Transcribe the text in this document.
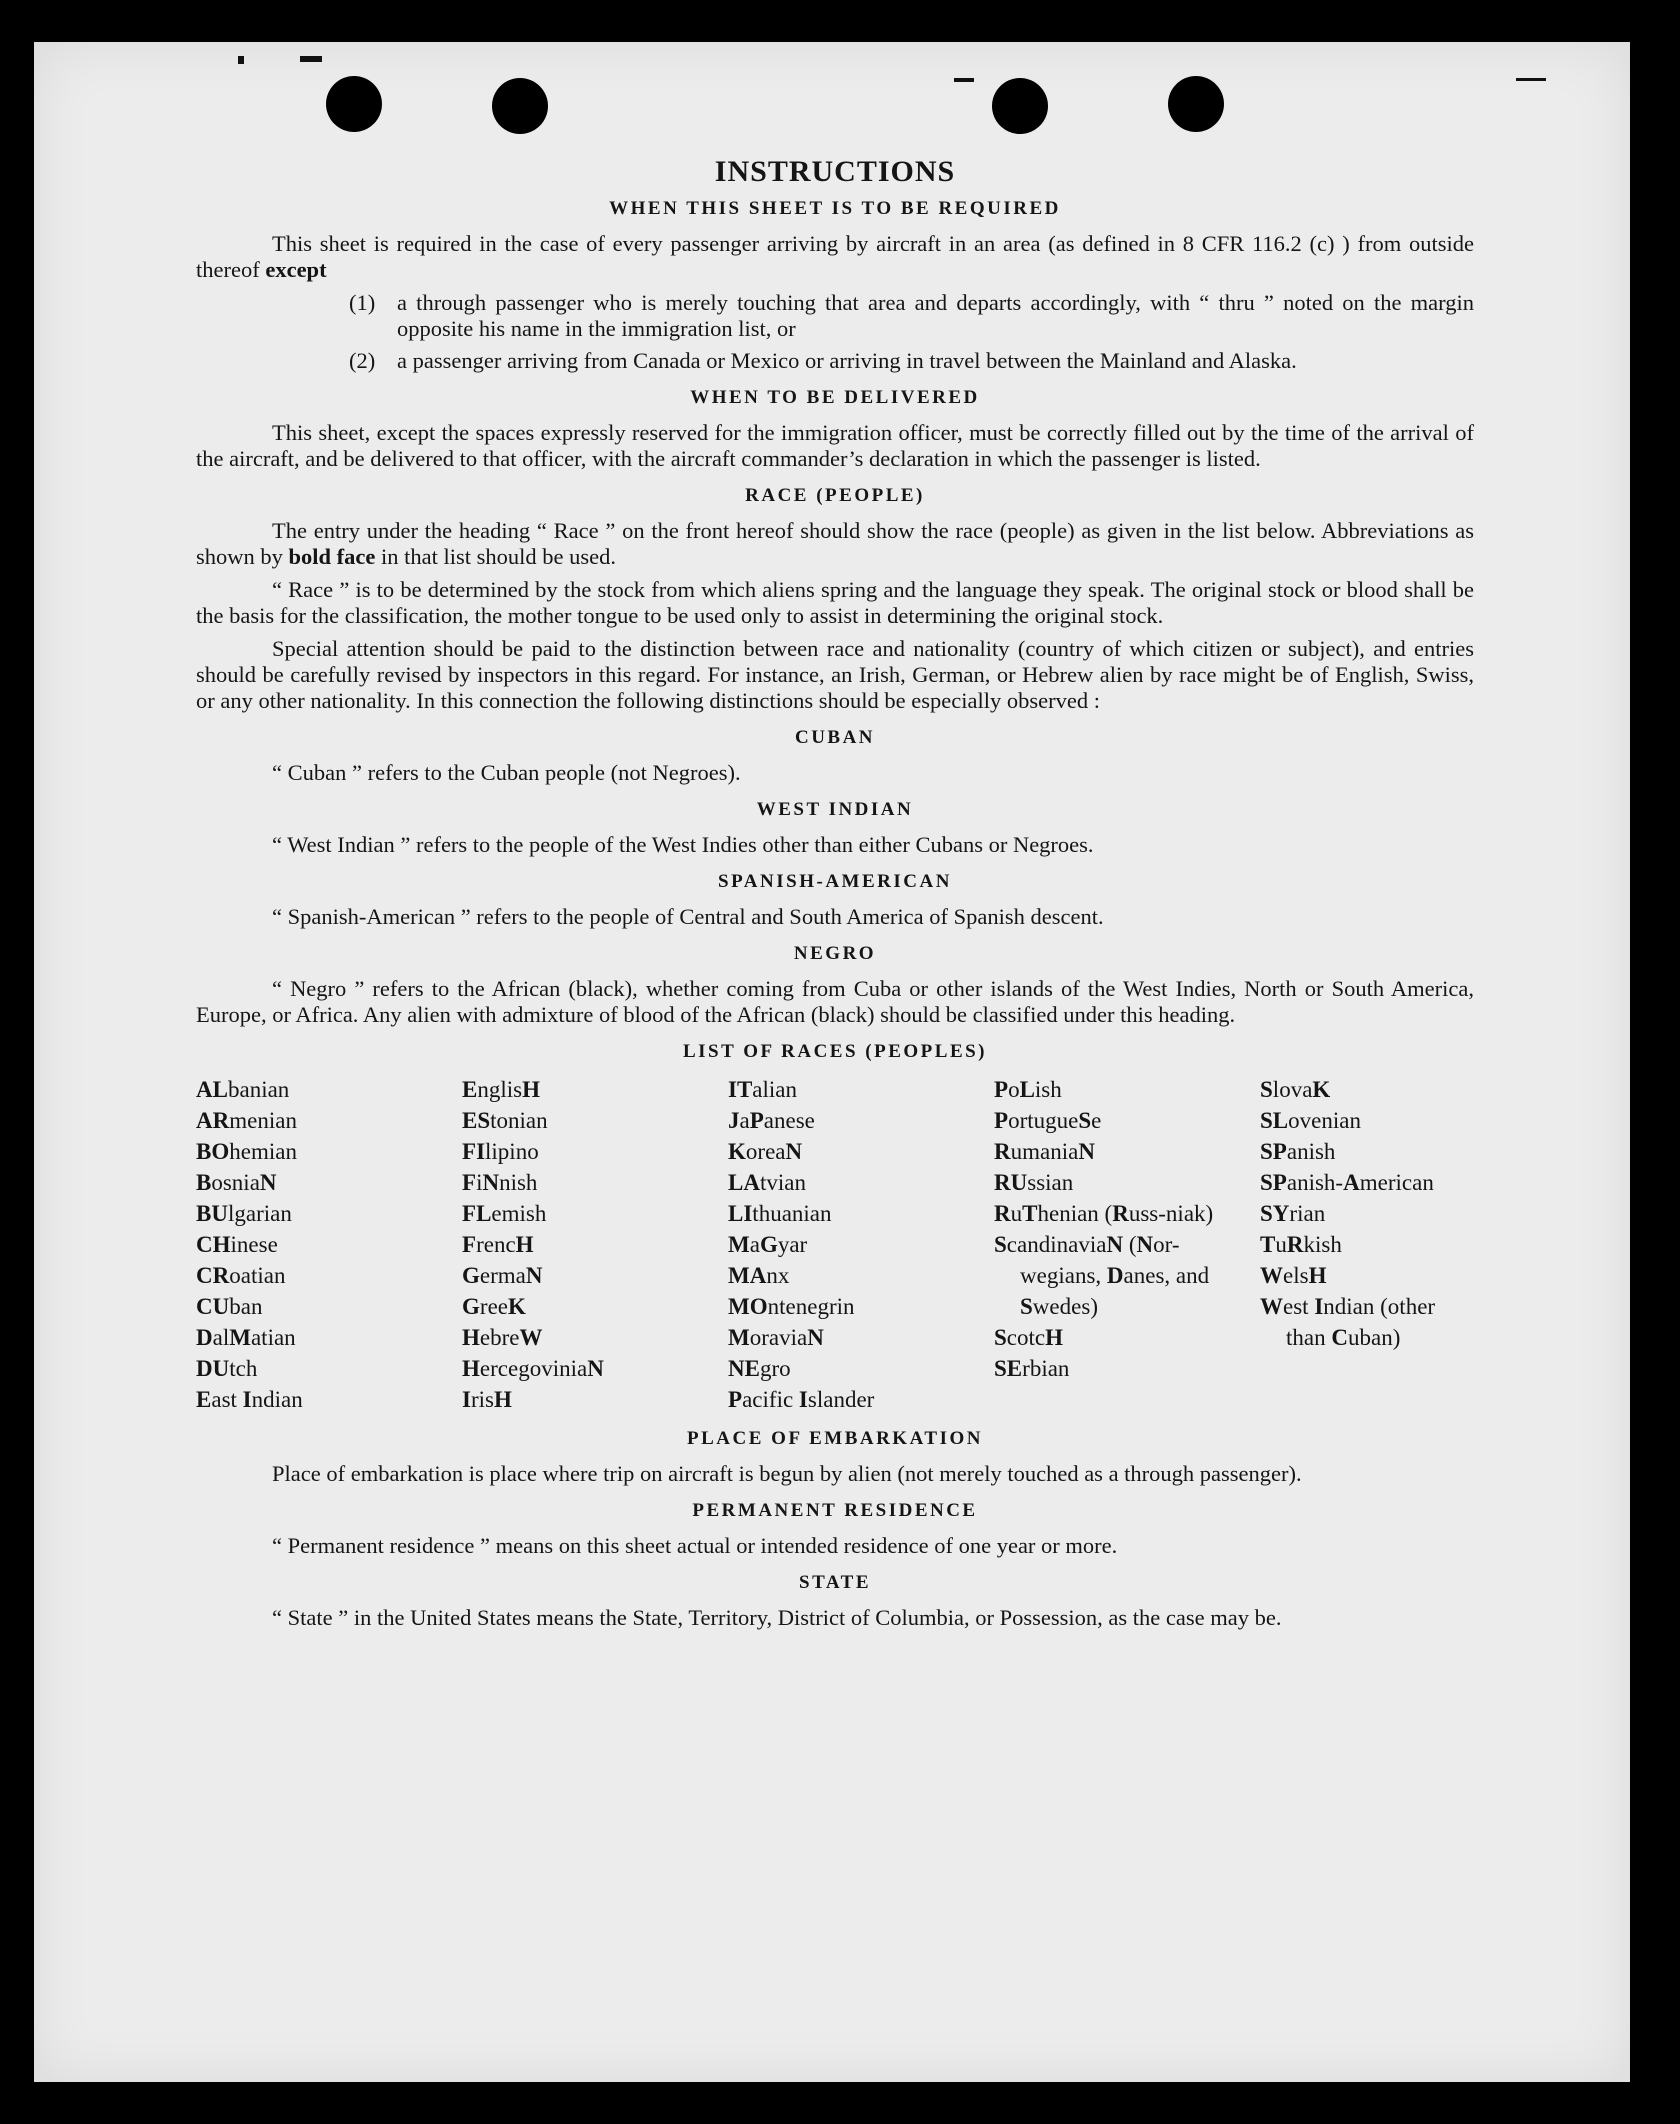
INSTRUCTIONS
WHEN THIS SHEET IS TO BE REQUIRED
This sheet is required in the case of every passenger arriving by aircraft in an area (as defined in 8 CFR 116.2 (c) ) from outside thereof except
(1) a through passenger who is merely touching that area and departs accordingly, with “ thru ” noted on the margin opposite his name in the immigration list, or
(2) a passenger arriving from Canada or Mexico or arriving in travel between the Mainland and Alaska.
WHEN TO BE DELIVERED
This sheet, except the spaces expressly reserved for the immigration officer, must be correctly filled out by the time of the arrival of the aircraft, and be delivered to that officer, with the aircraft commander’s declaration in which the passenger is listed.
RACE (PEOPLE)
The entry under the heading “ Race ” on the front hereof should show the race (people) as given in the list below. Abbreviations as shown by bold face in that list should be used.
“ Race ” is to be determined by the stock from which aliens spring and the language they speak. The original stock or blood shall be the basis for the classification, the mother tongue to be used only to assist in determining the original stock.
Special attention should be paid to the distinction between race and nationality (country of which citizen or subject), and entries should be carefully revised by inspectors in this regard. For instance, an Irish, German, or Hebrew alien by race might be of English, Swiss, or any other nationality. In this connection the following distinctions should be especially observed :
CUBAN
“ Cuban ” refers to the Cuban people (not Negroes).
WEST INDIAN
“ West Indian ” refers to the people of the West Indies other than either Cubans or Negroes.
SPANISH-AMERICAN
“ Spanish-American ” refers to the people of Central and South America of Spanish descent.
NEGRO
“ Negro ” refers to the African (black), whether coming from Cuba or other islands of the West Indies, North or South America, Europe, or Africa. Any alien with admixture of blood of the African (black) should be classified under this heading.
LIST OF RACES (PEOPLES)
ALbanian
ARmenian
BOhemian
BosniaN
BUlgarian
CHinese
CRoatian
CUban
DalMatian
DUtch
East Indian
EnglisH
EStonian
FIlipino
FiNnish
FLemish
FrencH
GermaN
GreeK
HebreW
HercegoviniaN
IrisH
ITalian
JaPanese
KoreaN
LAtvian
LIthuanian
MaGyar
MAnx
MOntenegrin
MoraviaN
NEgro
Pacific Islander
PoLish
PortugueSe
RumaniaN
RUssian
RuThenian (Russ-niak)
ScandinaviaN (Nor-wegians, Danes, and Swedes)
ScotcH
SErbian
SlovaK
SLovenian
SPanish
SPanish-American
SYrian
TuRkish
WelsH
West Indian (other than Cuban)
PLACE OF EMBARKATION
Place of embarkation is place where trip on aircraft is begun by alien (not merely touched as a through passenger).
PERMANENT RESIDENCE
“ Permanent residence ” means on this sheet actual or intended residence of one year or more.
STATE
“ State ” in the United States means the State, Territory, District of Columbia, or Possession, as the case may be.
